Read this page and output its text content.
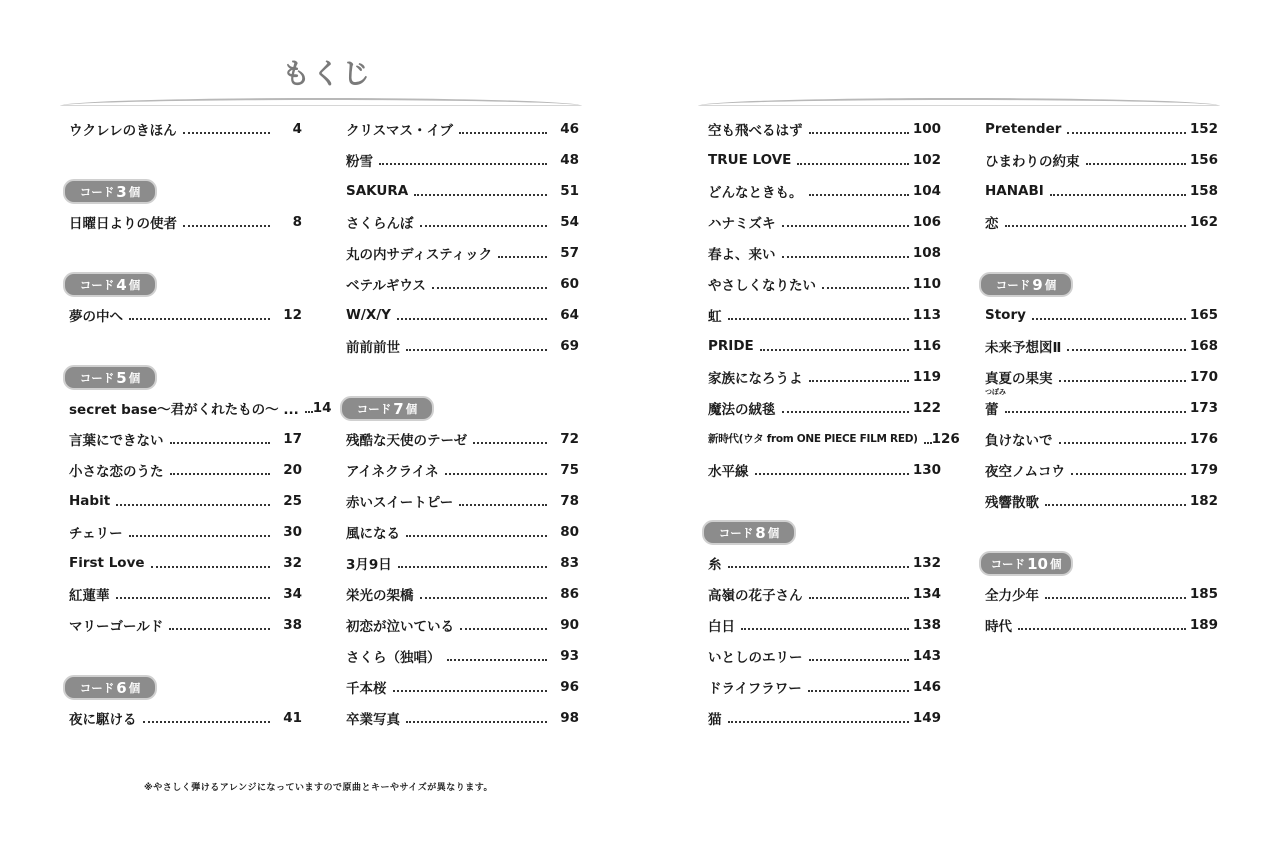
もくじ
ウクレレのきほん	4
コード 3 個
日曜日よりの使者	8
コード 4 個
夢の中へ	12
コード 5 個
secret base～君がくれたもの～ ...	14
言葉にできない	17
小さな恋のうた	20
Habit	25
チェリー	30
First Love	32
紅蓮華	34
マリーゴールド	38
コード 6 個
夜に駆ける	41
クリスマス・イブ	46
粉雪	48
SAKURA	51
さくらんぼ	54
丸の内サディスティック	57
ベテルギウス	60
W/X/Y	64
前前前世	69
コード 7 個
残酷な天使のテーゼ	72
アイネクライネ	75
赤いスイートピー	78
風になる	80
3月9日	83
栄光の架橋	86
初恋が泣いている	90
さくら（独唱）	93
千本桜	96
卒業写真	98
空も飛べるはず	100
TRUE LOVE	102
どんなときも。	104
ハナミズキ	106
春よ、来い	108
やさしくなりたい	110
虹	113
PRIDE	116
家族になろうよ	119
魔法の絨毯	122
新時代(ウタ from ONE PIECE FILM RED)	126
水平線	130
コード 8 個
糸	132
高嶺の花子さん	134
白日	138
いとしのエリー	143
ドライフラワー	146
猫	149
Pretender	152
ひまわりの約束	156
HANABI	158
恋	162
コード 9 個
Story	165
未来予想図Ⅱ	168
真夏の果実	170
つぼみ
蕾	173
負けないで	176
夜空ノムコウ	179
残響散歌	182
コード 10 個
全力少年	185
時代	189
※やさしく弾けるアレンジになっていますので原曲とキーやサイズが異なります。
